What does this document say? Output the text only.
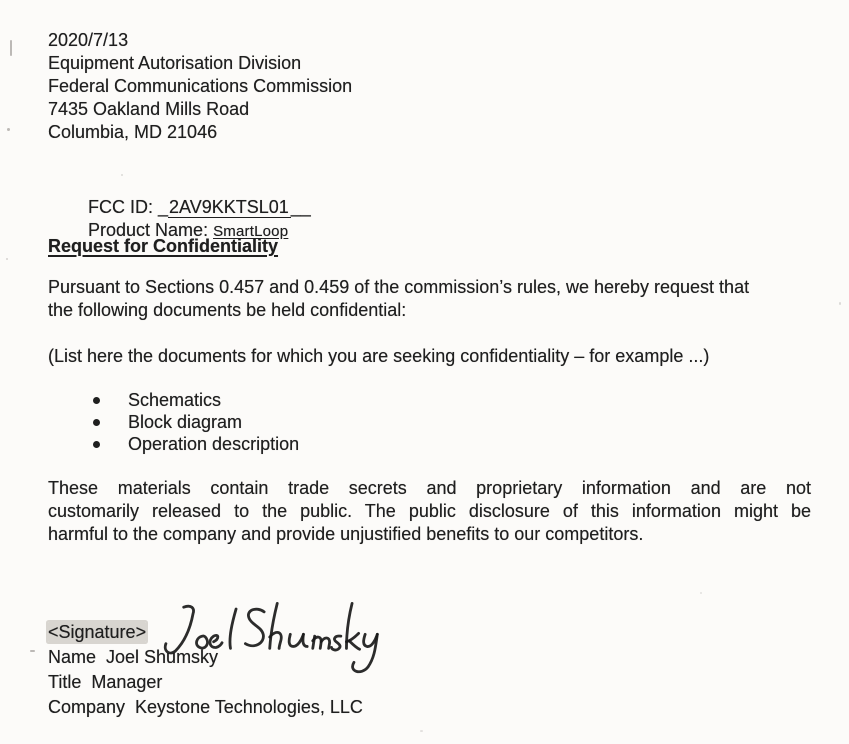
2020/7/13
Equipment Autorisation Division
Federal Communications Commission
7435 Oakland Mills Road
Columbia, MD 21046

FCC ID: _2AV9KKTSL01 __

Product Name: SmartLoop

Request for Confidentiality
Pursuant to Sections 0.457 and 0.459 of the commission’s rules, we hereby request that
the following documents be held confidential:
(List here the documents for which you are seeking confidentiality – for example ...)
Schematics
Block diagram
Operation description
These materials contain trade secrets and proprietary information and are not
customarily released to the public. The public disclosure of this information might be
harmful to the company and provide unjustified benefits to our competitors.
<Signature>
Name  Joel Shumsky
Title  Manager
Company  Keystone Technologies, LLC
